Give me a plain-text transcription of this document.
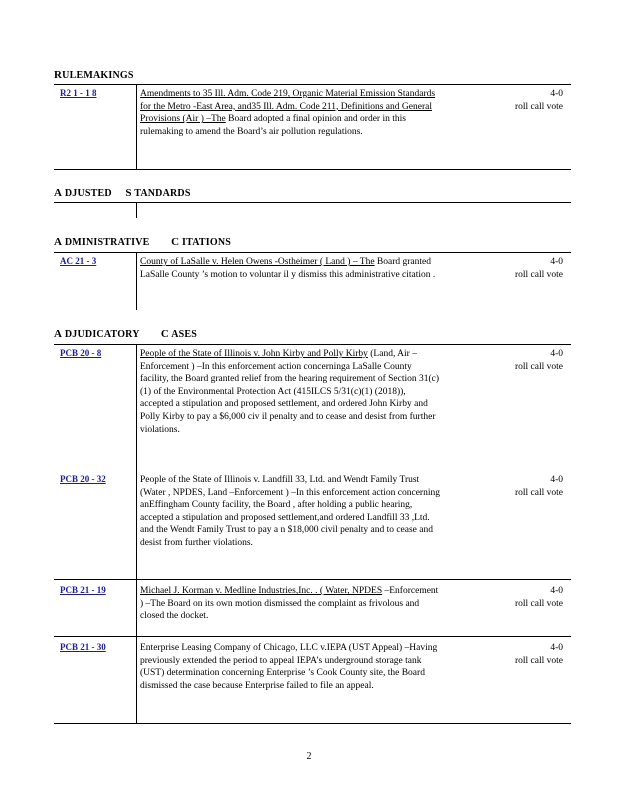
RULEMAKINGS
A DJUSTED S TANDARDS
A DMINISTRATIVE C ITATIONS
A DJUDICATORY C ASES
R2 1 - 1 8	Amendments to 35 Ill. Adm. Code 219, Organic Material Emission Standards for the Metro -East Area, and35 Ill. Adm. Code 211, Definitions and General Provisions (Air ) –The Board adopted a final opinion and order in this rulemaking to amend the Board’s air pollution regulations.
4-0
roll call vote
AC 21 - 3	County of LaSalle v. Helen Owens -Ostheimer ( Land ) – The Board granted LaSalle County ’s motion to voluntar il y dismiss this administrative citation .
4-0
roll call vote
PCB 20 - 8	People of the State of Illinois v. John Kirby and Polly Kirby (Land, Air –Enforcement ) –In this enforcement action concerninga LaSalle County facility, the Board granted relief from the hearing requirement of Section 31(c)(1) of the Environmental Protection Act (415ILCS 5/31(c)(1) (2018)), accepted a stipulation and proposed settlement, and ordered John Kirby and Polly Kirby to pay a $6,000 civ il penalty and to cease and desist from further violations.
4-0
roll call vote
PCB 20 - 32	People of the State of Illinois v. Landfill 33, Ltd. and Wendt Family Trust (Water , NPDES, Land –Enforcement ) –In this enforcement action concerning anEffingham County facility, the Board , after holding a public hearing, accepted a stipulation and proposed settlement,and ordered Landfill 33 ,Ltd. and the Wendt Family Trust to pay a n $18,000 civil penalty and to cease and desist from further violations.
4-0
roll call vote
PCB 21 - 19	Michael J. Korman v. Medline Industries,Inc. . ( Water, NPDES –Enforcement ) –The Board on its own motion dismissed the complaint as frivolous and closed the docket.
4-0
roll call vote
PCB 21 - 30	Enterprise Leasing Company of Chicago, LLC v.IEPA (UST Appeal) –Having previously extended the period to appeal IEPA’s underground storage tank (UST) determination concerning Enterprise ’s Cook County site, the Board dismissed the case because Enterprise failed to file an appeal.
4-0
roll call vote
2
